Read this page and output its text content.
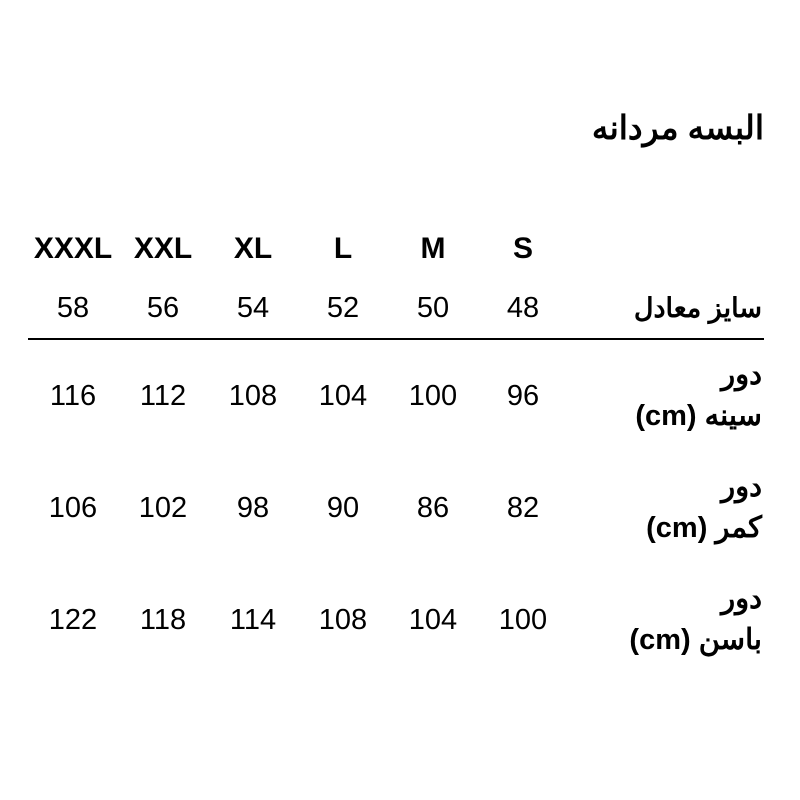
البسه مردانه
	S	M	L	XL	XXL	XXXL
سایز معادل	48	50	52	54	56	58

دور
سینه (cm)	96	100	104	108	112	116

دور
کمر (cm)	82	86	90	98	102	106

دور
باسن (cm)	100	104	108	114	118	122
